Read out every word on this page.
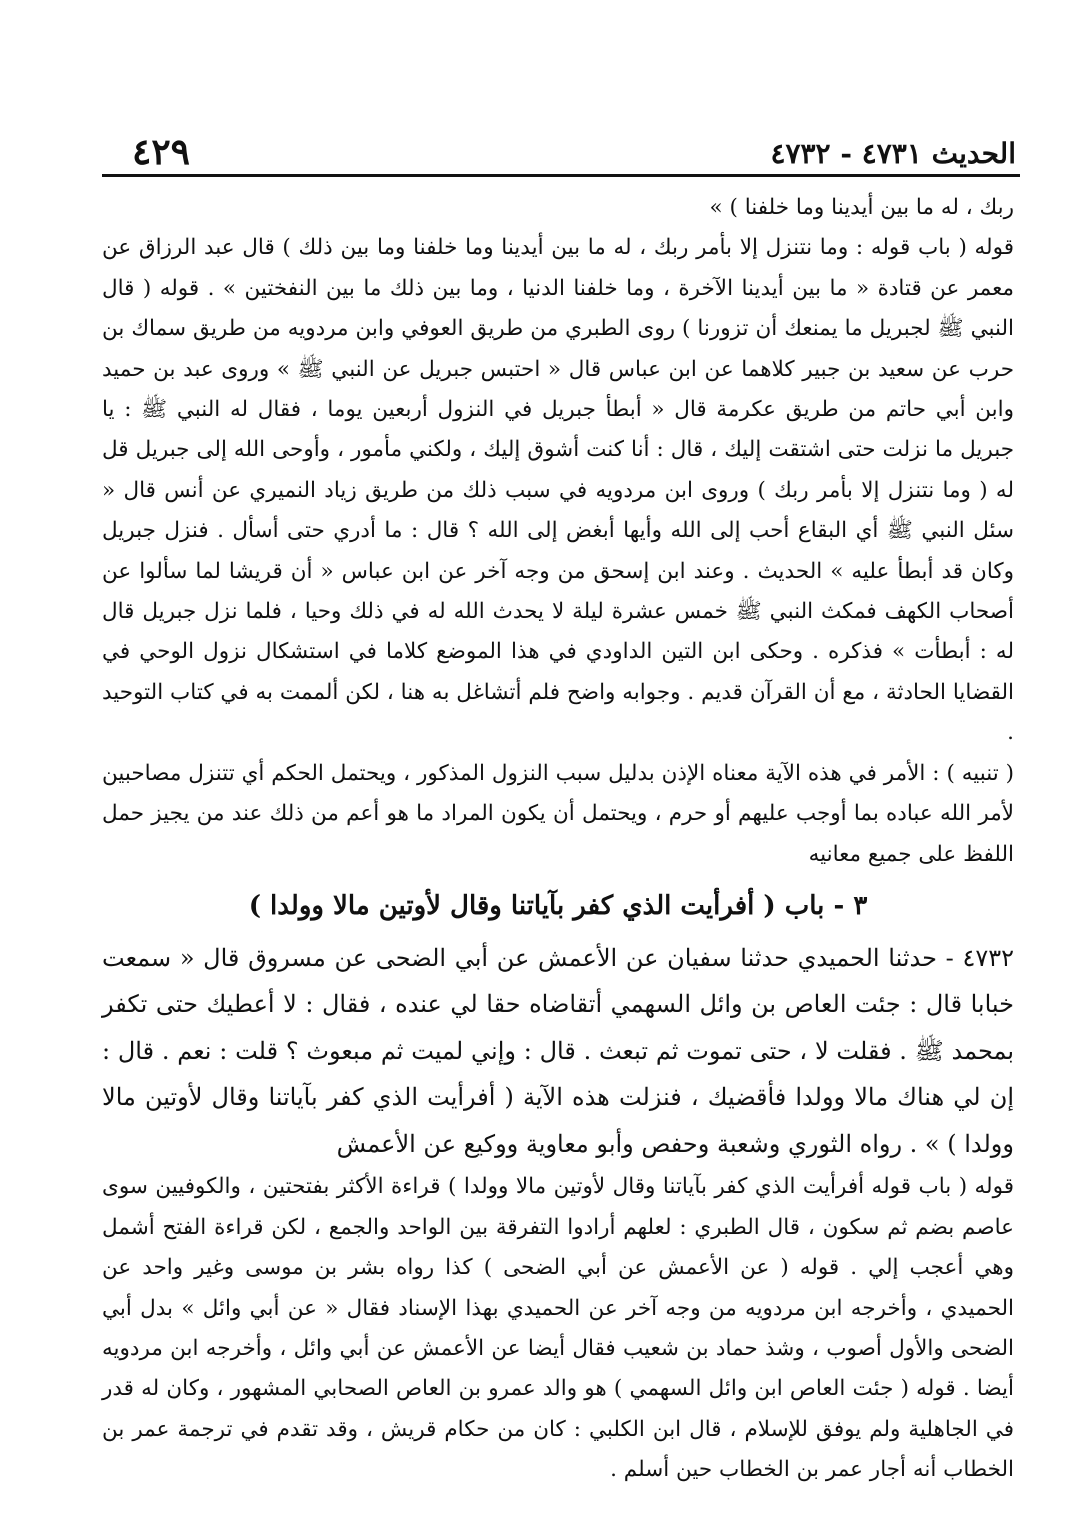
٤٢٩	الحديث ٤٧٣١ - ٤٧٣٢

ربك ، له ما بين أيدينا وما خلفنا ) »

قوله ( باب قوله : وما نتنزل إلا بأمر ربك ، له ما بين أيدينا وما خلفنا وما بين ذلك ) قال عبد الرزاق عن معمر عن قتادة « ما بين أيدينا الآخرة ، وما خلفنا الدنيا ، وما بين ذلك ما بين النفختين » . قوله ( قال النبي ﷺ لجبريل ما يمنعك أن تزورنا ) روى الطبري من طريق العوفي وابن مردويه من طريق سماك بن حرب عن سعيد بن جبير كلاهما عن ابن عباس قال « احتبس جبريل عن النبي ﷺ » وروى عبد بن حميد وابن أبي حاتم من طريق عكرمة قال « أبطأ جبريل في النزول أربعين يوما ، فقال له النبي ﷺ : يا جبريل ما نزلت حتى اشتقت إليك ، قال : أنا كنت أشوق إليك ، ولكني مأمور ، وأوحى الله إلى جبريل قل له ( وما نتنزل إلا بأمر ربك ) وروى ابن مردويه في سبب ذلك من طريق زياد النميري عن أنس قال « سئل النبي ﷺ أي البقاع أحب إلى الله وأيها أبغض إلى الله ؟ قال : ما أدري حتى أسأل . فنزل جبريل وكان قد أبطأ عليه » الحديث . وعند ابن إسحق من وجه آخر عن ابن عباس « أن قريشا لما سألوا عن أصحاب الكهف فمكث النبي ﷺ خمس عشرة ليلة لا يحدث الله له في ذلك وحيا ، فلما نزل جبريل قال له : أبطأت » فذكره . وحكى ابن التين الداودي في هذا الموضع كلاما في استشكال نزول الوحي في القضايا الحادثة ، مع أن القرآن قديم . وجوابه واضح فلم أتشاغل به هنا ، لكن ألممت به في كتاب التوحيد .

( تنبيه ) : الأمر في هذه الآية معناه الإذن بدليل سبب النزول المذكور ، ويحتمل الحكم أي تتنزل مصاحبين لأمر الله عباده بما أوجب عليهم أو حرم ، ويحتمل أن يكون المراد ما هو أعم من ذلك عند من يجيز حمل اللفظ على جميع معانيه

٣ - باب ( أفرأيت الذي كفر بآياتنا وقال لأوتين مالا وولدا )

٤٧٣٢ - حدثنا الحميدي حدثنا سفيان عن الأعمش عن أبي الضحى عن مسروق قال « سمعت خبابا قال : جئت العاص بن وائل السهمي أتقاضاه حقا لي عنده ، فقال : لا أعطيك حتى تكفر بمحمد ﷺ . فقلت لا ، حتى تموت ثم تبعث . قال : وإني لميت ثم مبعوث ؟ قلت : نعم . قال : إن لي هناك مالا وولدا فأقضيك ، فنزلت هذه الآية ( أفرأيت الذي كفر بآياتنا وقال لأوتين مالا وولدا ) » . رواه الثوري وشعبة وحفص وأبو معاوية ووكيع عن الأعمش

قوله ( باب قوله أفرأيت الذي كفر بآياتنا وقال لأوتين مالا وولدا ) قراءة الأكثر بفتحتين ، والكوفيين سوى عاصم بضم ثم سكون ، قال الطبري : لعلهم أرادوا التفرقة بين الواحد والجمع ، لكن قراءة الفتح أشمل وهي أعجب إلي . قوله ( عن الأعمش عن أبي الضحى ) كذا رواه بشر بن موسى وغير واحد عن الحميدي ، وأخرجه ابن مردويه من وجه آخر عن الحميدي بهذا الإسناد فقال « عن أبي وائل » بدل أبي الضحى والأول أصوب ، وشذ حماد بن شعيب فقال أيضا عن الأعمش عن أبي وائل ، وأخرجه ابن مردويه أيضا . قوله ( جئت العاص ابن وائل السهمي ) هو والد عمرو بن العاص الصحابي المشهور ، وكان له قدر في الجاهلية ولم يوفق للإسلام ، قال ابن الكلبي : كان من حكام قريش ، وقد تقدم في ترجمة عمر بن الخطاب أنه أجار عمر بن الخطاب حين أسلم .
